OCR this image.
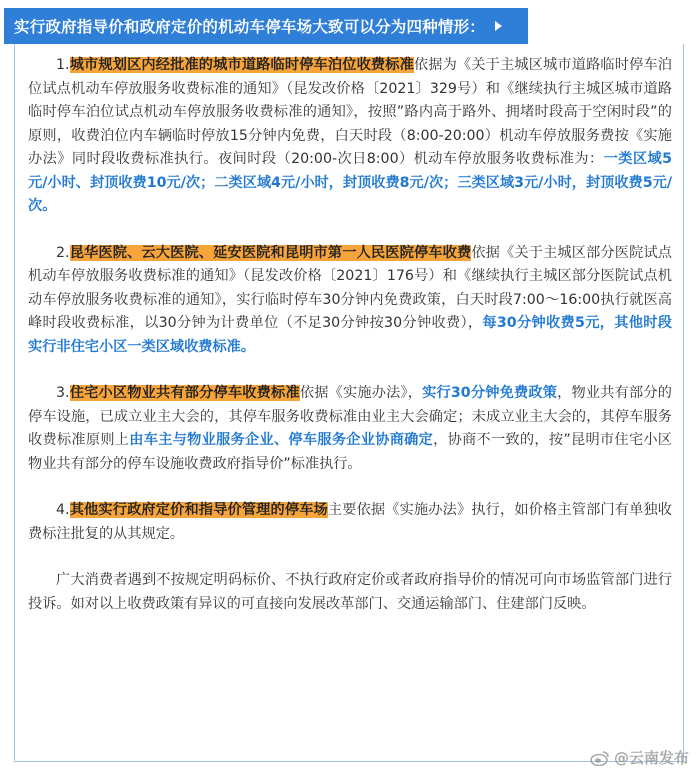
实行政府指导价和政府定价的机动车停车场大致可以分为四种情形：

1.城市规划区内经批准的城市道路临时停车泊位收费标准依据为《关于主城区城市道路临时停车泊位试点机动车停放服务收费标准的通知》（昆发改价格〔2021〕329号）和《继续执行主城区城市道路临时停车泊位试点机动车停放服务收费标准的通知》，按照”路内高于路外、拥堵时段高于空闲时段”的原则，收费泊位内车辆临时停放15分钟内免费，白天时段（8:00-20:00）机动车停放服务费按《实施办法》同时段收费标准执行。夜间时段（20:00-次日8:00）机动车停放服务收费标准为：一类区域5元/小时、封顶收费10元/次；二类区域4元/小时，封顶收费8元/次；三类区域3元/小时，封顶收费5元/次。

2.昆华医院、云大医院、延安医院和昆明市第一人民医院停车收费依据《关于主城区部分医院试点机动车停放服务收费标准的通知》（昆发改价格〔2021〕176号）和《继续执行主城区部分医院试点机动车停放服务收费标准的通知》，实行临时停车30分钟内免费政策，白天时段7:00～16:00执行就医高峰时段收费标准，以30分钟为计费单位（不足30分钟按30分钟收费），每30分钟收费5元，其他时段实行非住宅小区一类区域收费标准。

3.住宅小区物业共有部分停车收费标准依据《实施办法》，实行30分钟免费政策，物业共有部分的停车设施，已成立业主大会的，其停车服务收费标准由业主大会确定；未成立业主大会的，其停车服务收费标准原则上由车主与物业服务企业、停车服务企业协商确定，协商不一致的，按”昆明市住宅小区物业共有部分的停车设施收费政府指导价”标准执行。

4.其他实行政府定价和指导价管理的停车场主要依据《实施办法》执行，如价格主管部门有单独收费标注批复的从其规定。

广大消费者遇到不按规定明码标价、不执行政府定价或者政府指导价的情况可向市场监管部门进行投诉。如对以上收费政策有异议的可直接向发展改革部门、交通运输部门、住建部门反映。

@云南发布
